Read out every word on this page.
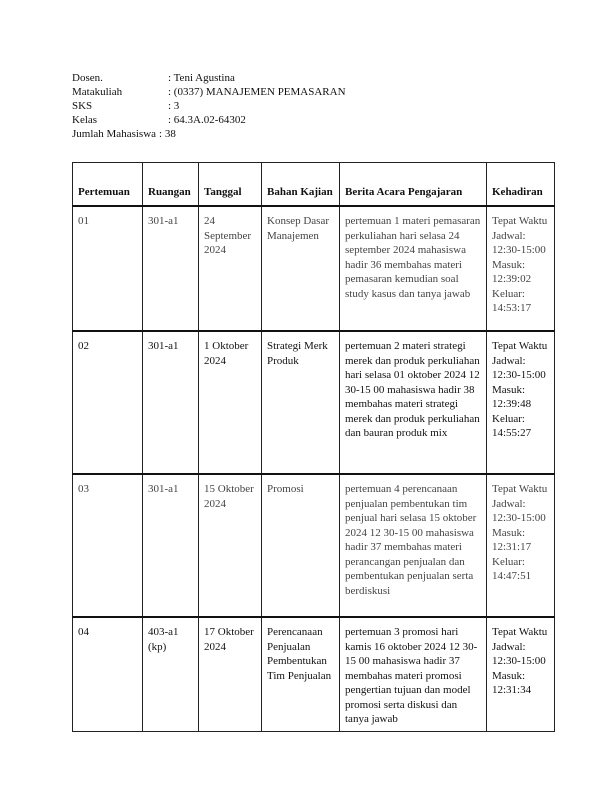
Dosen.	: Teni Agustina
Matakuliah	: (0337) MANAJEMEN PEMASARAN
SKS	: 3
Kelas	: 64.3A.02-64302
Jumlah Mahasiswa : 38
Pertemuan	Ruangan	Tanggal	Bahan Kajian	Berita Acara Pengajaran	Kehadiran
01	301-a1	24 September 2024	Konsep Dasar Manajemen	pertemuan 1 materi pemasaran perkuliahan hari selasa 24 september 2024 mahasiswa hadir 36 membahas materi pemasaran kemudian soal study kasus dan tanya jawab	Tepat Waktu Jadwal: 12:30-15:00 Masuk: 12:39:02 Keluar: 14:53:17
02	301-a1	1 Oktober 2024	Strategi Merk Produk	pertemuan 2 materi strategi merek dan produk perkuliahan hari selasa 01 oktober 2024 12 30-15 00 mahasiswa hadir 38 membahas materi strategi merek dan produk perkuliahan dan bauran produk mix	Tepat Waktu Jadwal: 12:30-15:00 Masuk: 12:39:48 Keluar: 14:55:27
03	301-a1	15 Oktober 2024	Promosi	pertemuan 4 perencanaan penjualan pembentukan tim penjual hari selasa 15 oktober 2024 12 30-15 00 mahasiswa hadir 37 membahas materi perancangan penjualan dan pembentukan penjualan serta berdiskusi	Tepat Waktu Jadwal: 12:30-15:00 Masuk: 12:31:17 Keluar: 14:47:51
04	403-a1 (kp)	17 Oktober 2024	Perencanaan Penjualan Pembentukan Tim Penjualan	pertemuan 3 promosi hari kamis 16 oktober 2024 12 30-15 00 mahasiswa hadir 37 membahas materi promosi pengertian tujuan dan model promosi serta diskusi dan tanya jawab	Tepat Waktu Jadwal: 12:30-15:00 Masuk: 12:31:34
